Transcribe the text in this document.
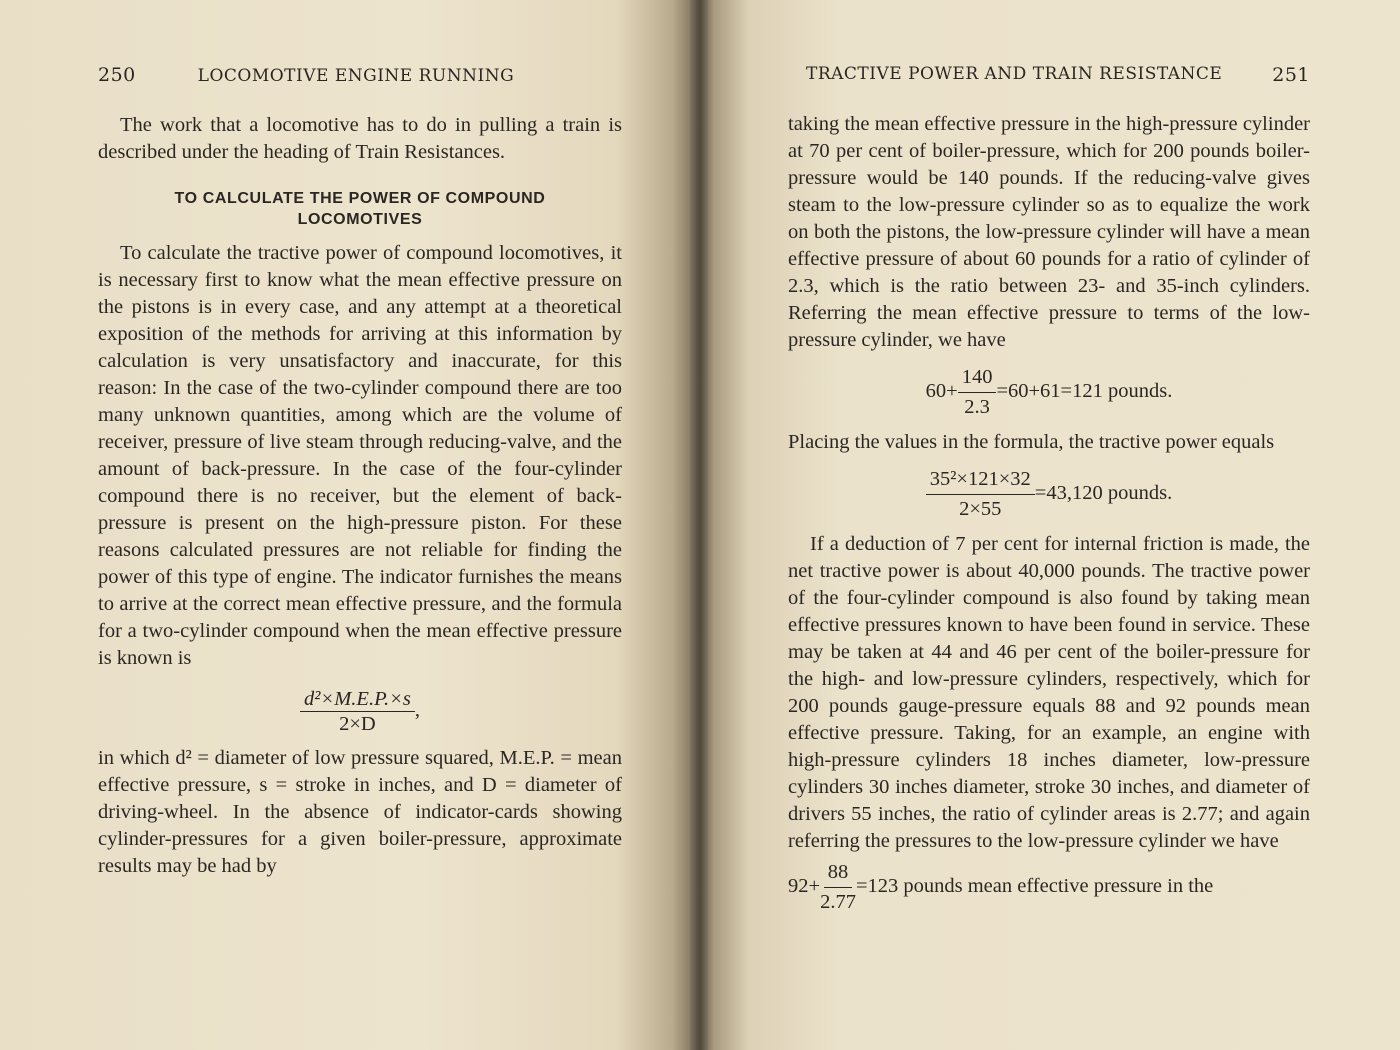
250	LOCOMOTIVE ENGINE RUNNING	TRACTIVE POWER AND TRAIN RESISTANCE	251

The work that a locomotive has to do in pulling a train is described under the heading of Train Resistances.

TO CALCULATE THE POWER OF COMPOUND
LOCOMOTIVES

To calculate the tractive power of compound locomotives, it is necessary first to know what the mean effective pressure on the pistons is in every case, and any attempt at a theoretical exposition of the methods for arriving at this information by calculation is very unsatisfactory and inaccurate, for this reason: In the case of the two-cylinder compound there are too many unknown quantities, among which are the volume of receiver, pressure of live steam through reducing-valve, and the amount of back-pressure. In the case of the four-cylinder compound there is no receiver, but the element of back-pressure is present on the high-pressure piston. For these reasons calculated pressures are not reliable for finding the power of this type of engine. The indicator furnishes the means to arrive at the correct mean effective pressure, and the formula for a two-cylinder compound when the mean effective pressure is known is

$\frac{\text{d²×M.E.P.×s}}{2\times D}$ ,

in which d² = diameter of low pressure squared, M.E.P. = mean effective pressure, s = stroke in inches, and D = diameter of driving-wheel. In the absence of indicator-cards showing cylinder-pressures for a given boiler-pressure, approximate results may be had by

taking the mean effective pressure in the high-pressure cylinder at 70 per cent of boiler-pressure, which for 200 pounds boiler-pressure would be 140 pounds. If the reducing-valve gives steam to the low-pressure cylinder so as to equalize the work on both the pistons, the low-pressure cylinder will have a mean effective pressure of about 60 pounds for a ratio of cylinder of 2.3, which is the ratio between 23- and 35-inch cylinders. Referring the mean effective pressure to terms of the low-pressure cylinder, we have

$60+ \frac{140}{2.3} =60+61=121$ pounds.

Placing the values in the formula, the tractive power equals

$\frac{\text{35²×121×32}}{2\times 55} =43,120$ pounds.

If a deduction of 7 per cent for internal friction is made, the net tractive power is about 40,000 pounds. The tractive power of the four-cylinder compound is also found by taking mean effective pressures known to have been found in service. These may be taken at 44 and 46 per cent of the boiler-pressure for the high- and low-pressure cylinders, respectively, which for 200 pounds gauge-pressure equals 88 and 92 pounds mean effective pressure. Taking, for an example, an engine with high-pressure cylinders 18 inches diameter, low-pressure cylinders 30 inches diameter, stroke 30 inches, and diameter of drivers 55 inches, the ratio of cylinder areas is 2.77; and again referring the pressures to the low-pressure cylinder we have

$92+ \frac{88}{2.77} =123$ pounds mean effective pressure in the
